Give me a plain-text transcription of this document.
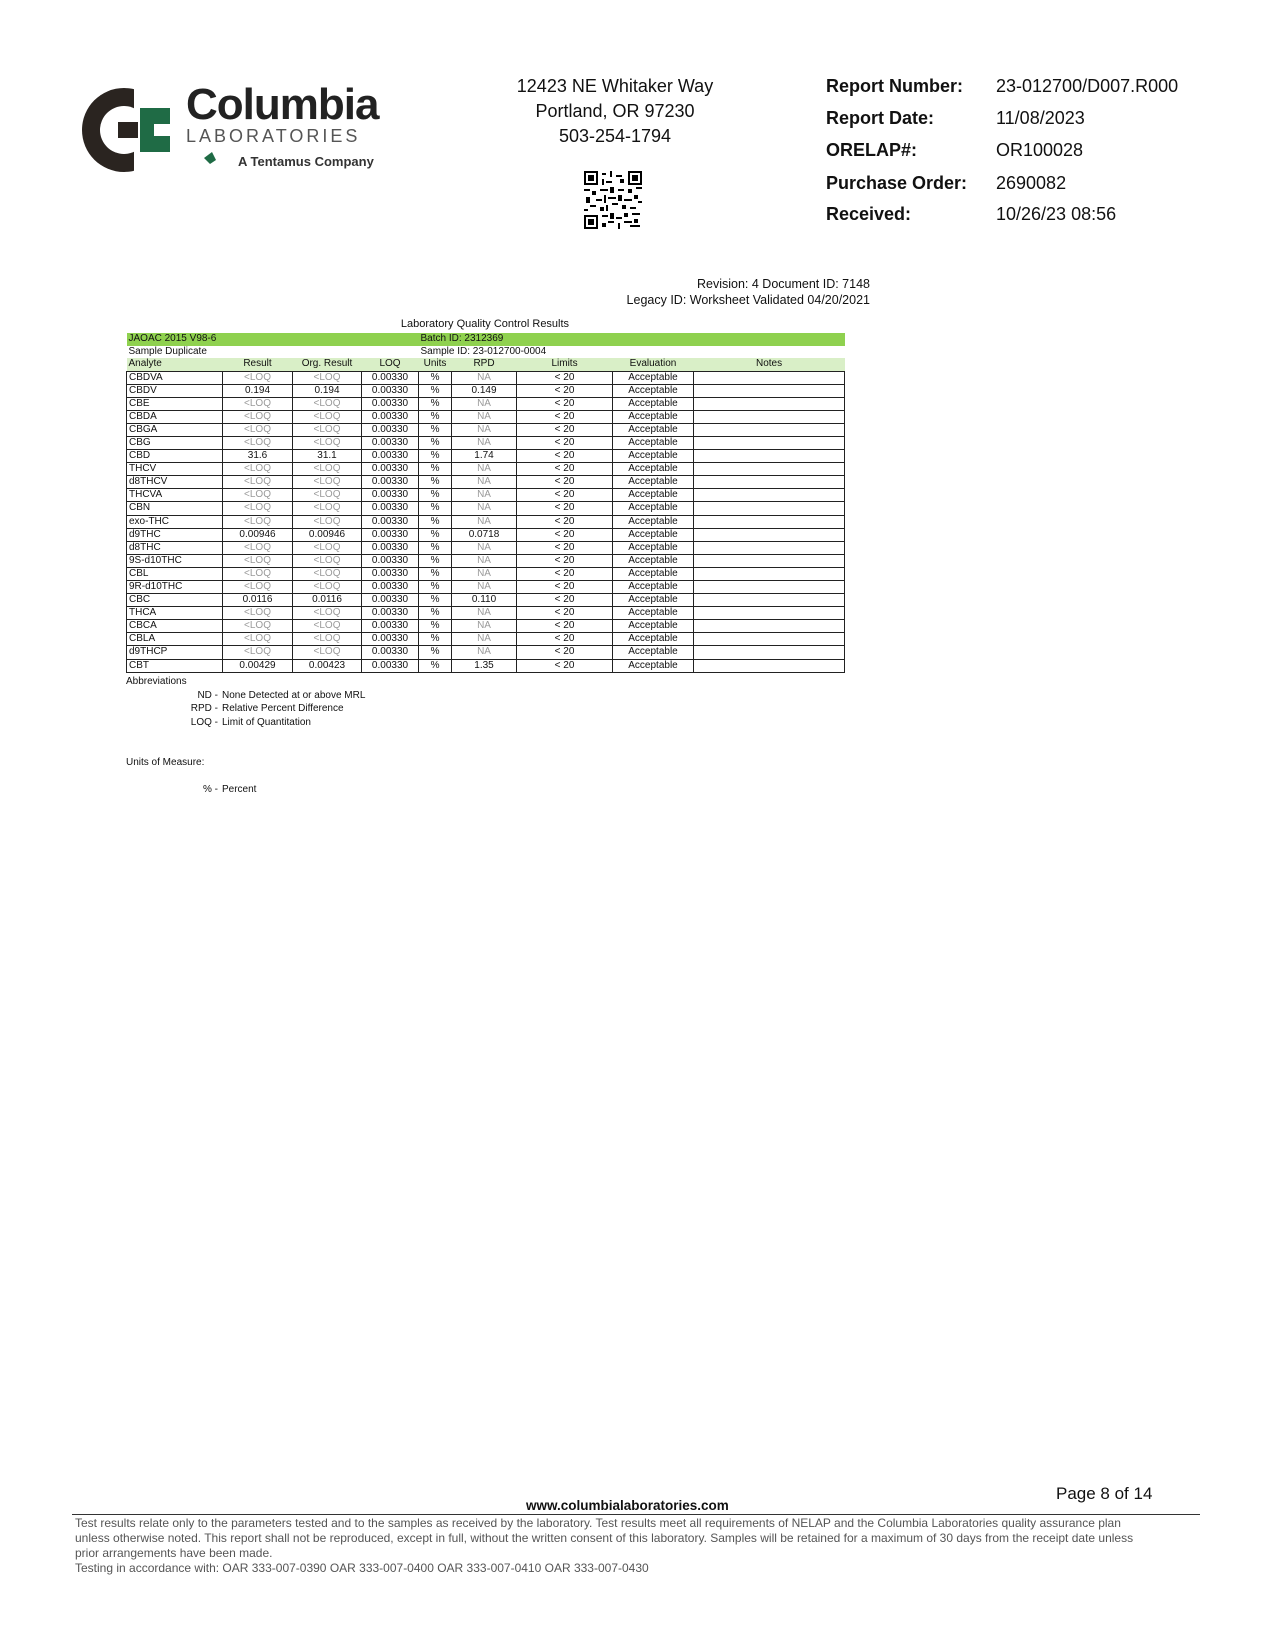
Columbia
LABORATORIES
A Tentamus Company
12423 NE Whitaker Way
Portland, OR 97230
503-254-1794
Report Number: 23-012700/D007.R000
Report Date:	11/08/2023
ORELAP#:	OR100028
Purchase Order: 2690082
Received:	10/26/23 08:56
Revision: 4 Document ID: 7148
Legacy ID: Worksheet Validated 04/20/2021
Laboratory Quality Control Results
JAOAC 2015 V98-6				Batch ID: 2312369				
Sample Duplicate				Sample ID: 23-012700-0004				
Analyte	Result	Org. Result	LOQ	Units	RPD	Limits	Evaluation	Notes
CBDVA	<LOQ	<LOQ	0.00330	%	NA	< 20	Acceptable	
CBDV	0.194	0.194	0.00330	%	0.149	< 20	Acceptable	
CBE	<LOQ	<LOQ	0.00330	%	NA	< 20	Acceptable	
CBDA	<LOQ	<LOQ	0.00330	%	NA	< 20	Acceptable	
CBGA	<LOQ	<LOQ	0.00330	%	NA	< 20	Acceptable	
CBG	<LOQ	<LOQ	0.00330	%	NA	< 20	Acceptable	
CBD	31.6	31.1	0.00330	%	1.74	< 20	Acceptable	
THCV	<LOQ	<LOQ	0.00330	%	NA	< 20	Acceptable	
d8THCV	<LOQ	<LOQ	0.00330	%	NA	< 20	Acceptable	
THCVA	<LOQ	<LOQ	0.00330	%	NA	< 20	Acceptable	
CBN	<LOQ	<LOQ	0.00330	%	NA	< 20	Acceptable	
exo-THC	<LOQ	<LOQ	0.00330	%	NA	< 20	Acceptable	
d9THC	0.00946	0.00946	0.00330	%	0.0718	< 20	Acceptable	
d8THC	<LOQ	<LOQ	0.00330	%	NA	< 20	Acceptable	
9S-d10THC	<LOQ	<LOQ	0.00330	%	NA	< 20	Acceptable	
CBL	<LOQ	<LOQ	0.00330	%	NA	< 20	Acceptable	
9R-d10THC	<LOQ	<LOQ	0.00330	%	NA	< 20	Acceptable	
CBC	0.0116	0.0116	0.00330	%	0.110	< 20	Acceptable	
THCA	<LOQ	<LOQ	0.00330	%	NA	< 20	Acceptable	
CBCA	<LOQ	<LOQ	0.00330	%	NA	< 20	Acceptable	
CBLA	<LOQ	<LOQ	0.00330	%	NA	< 20	Acceptable	
d9THCP	<LOQ	<LOQ	0.00330	%	NA	< 20	Acceptable	
CBT	0.00429	0.00423	0.00330	%	1.35	< 20	Acceptable	
Abbreviations
ND - None Detected at or above MRL
RPD - Relative Percent Difference
LOQ - Limit of Quantitation
Units of Measure:
% - Percent
Page 8 of 14
www.columbialaboratories.com
Test results relate only to the parameters tested and to the samples as received by the laboratory. Test results meet all requirements of NELAP and the Columbia Laboratories quality assurance plan
unless otherwise noted. This report shall not be reproduced, except in full, without the written consent of this laboratory. Samples will be retained for a maximum of 30 days from the receipt date unless
prior arrangements have been made.
Testing in accordance with: OAR 333-007-0390 OAR 333-007-0400 OAR 333-007-0410 OAR 333-007-0430
